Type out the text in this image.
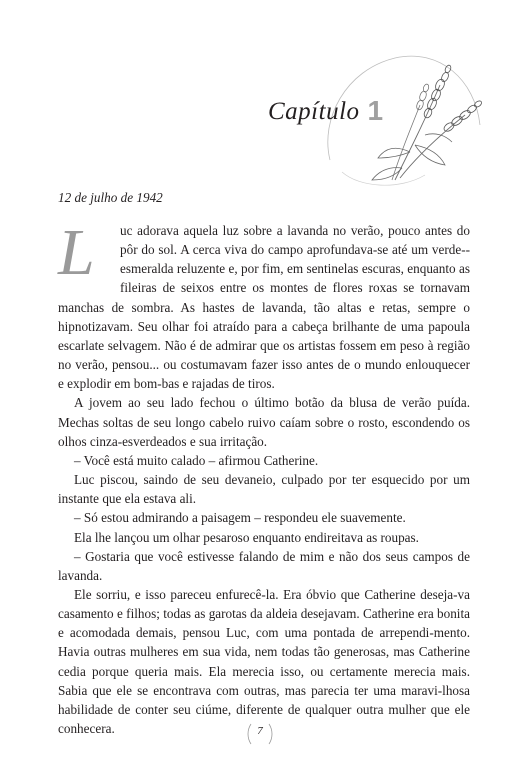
Capítulo 1
12 de julho de 1942
L	uc adorava aquela luz sobre a lavanda no verão, pouco antes do pôr do sol. A cerca viva do campo aprofundava-se até um verde--esmeralda reluzente e, por fim, em sentinelas escuras, enquanto as fileiras de seixos entre os montes de flores roxas se tornavam manchas de sombra. As hastes de lavanda, tão altas e retas, sempre o hipnotizavam. Seu olhar foi atraído para a cabeça brilhante de uma papoula escarlate selvagem. Não é de admirar que os artistas fossem em peso à região no verão, pensou... ou costumavam fazer isso antes de o mundo enlouquecer e explodir em bom-bas e rajadas de tiros.

A jovem ao seu lado fechou o último botão da blusa de verão puída. Mechas soltas de seu longo cabelo ruivo caíam sobre o rosto, escondendo os olhos cinza-esverdeados e sua irritação.

– Você está muito calado – afirmou Catherine.

Luc piscou, saindo de seu devaneio, culpado por ter esquecido por um instante que ela estava ali.

– Só estou admirando a paisagem – respondeu ele suavemente.

Ela lhe lançou um olhar pesaroso enquanto endireitava as roupas.

– Gostaria que você estivesse falando de mim e não dos seus campos de lavanda.

Ele sorriu, e isso pareceu enfurecê-la. Era óbvio que Catherine deseja-va casamento e filhos; todas as garotas da aldeia desejavam. Catherine era bonita e acomodada demais, pensou Luc, com uma pontada de arrependi-mento. Havia outras mulheres em sua vida, nem todas tão generosas, mas Catherine cedia porque queria mais. Ela merecia isso, ou certamente merecia mais. Sabia que ele se encontrava com outras, mas parecia ter uma maravi-lhosa habilidade de conter seu ciúme, diferente de qualquer outra mulher que ele conhecera.	7
